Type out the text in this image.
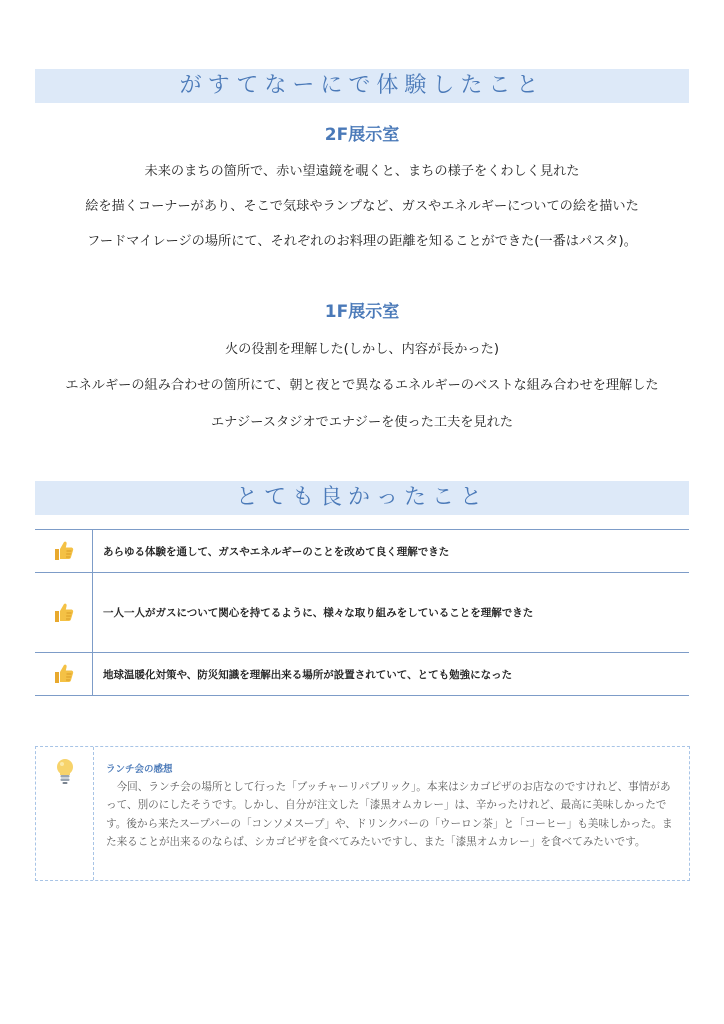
がすてなーにで体験したこと
2F展示室
未来のまちの箇所で、赤い望遠鏡を覗くと、まちの様子をくわしく見れた
絵を描くコーナーがあり、そこで気球やランプなど、ガスやエネルギーについての絵を描いた
フードマイレージの場所にて、それぞれのお料理の距離を知ることができた(一番はパスタ)。
1F展示室
火の役割を理解した(しかし、内容が長かった)
エネルギーの組み合わせの箇所にて、朝と夜とで異なるエネルギーのベストな組み合わせを理解した
エナジースタジオでエナジーを使った工夫を見れた
とても良かったこと
あらゆる体験を通して、ガスやエネルギーのことを改めて良く理解できた
一人一人がガスについて関心を持てるように、様々な取り組みをしていることを理解できた
地球温暖化対策や、防災知識を理解出来る場所が設置されていて、とても勉強になった
ランチ会の感想
今回、ランチ会の場所として行った「ブッチャーリパブリック」。本来はシカゴピザのお店なのですけれど、事情があって、別のにしたそうです。しかし、自分が注文した「漆黒オムカレー」は、辛かったけれど、最高に美味しかったです。後から来たスープバーの「コンソメスープ」や、ドリンクバーの「ウーロン茶」と「コーヒー」も美味しかった。また来ることが出来るのならば、シカゴピザを食べてみたいですし、また「漆黒オムカレー」を食べてみたいです。
